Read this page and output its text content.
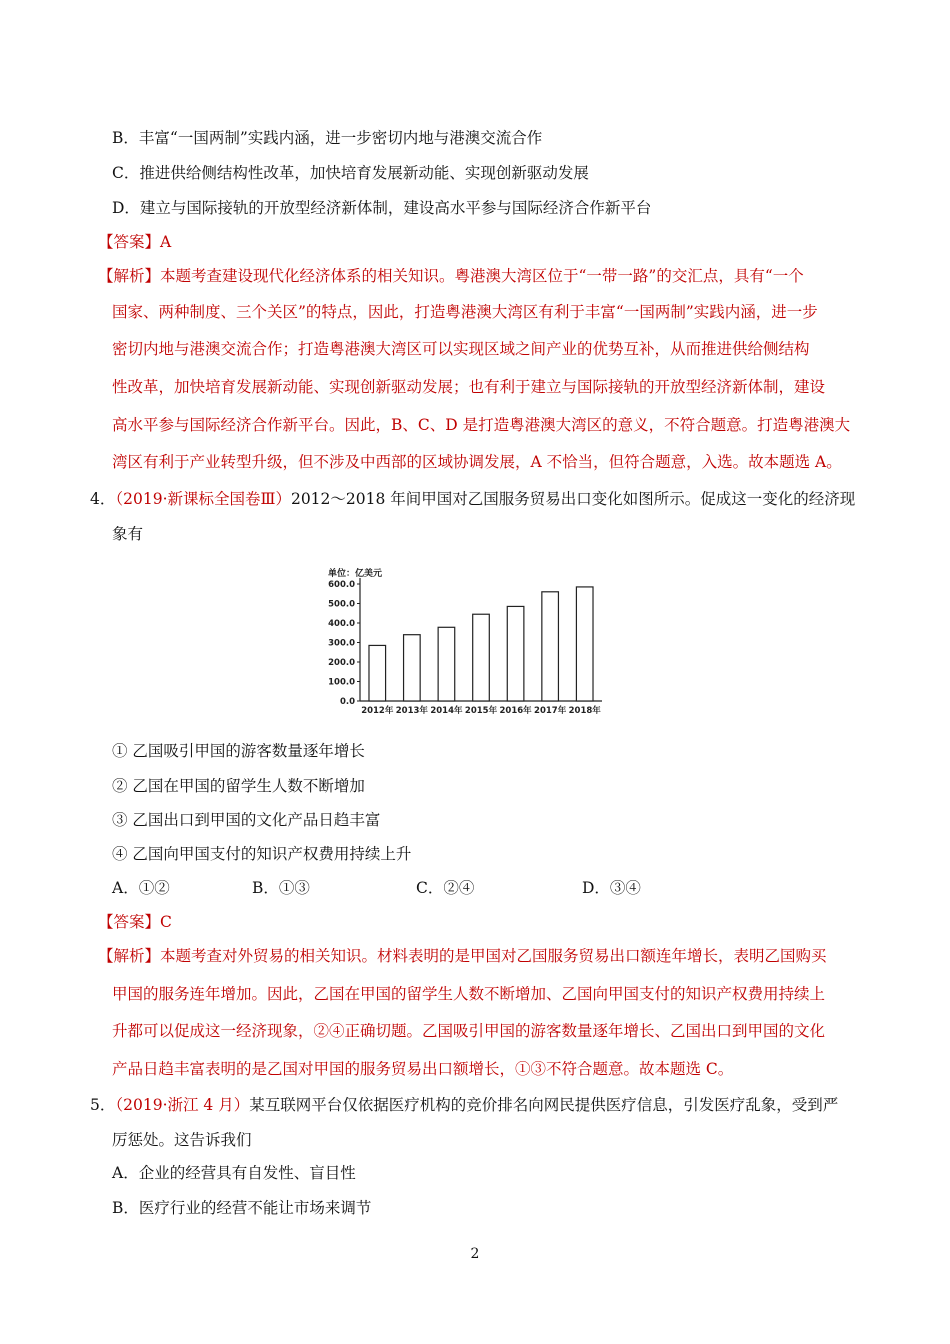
B．丰富“一国两制”实践内涵，进一步密切内地与港澳交流合作
C．推进供给侧结构性改革，加快培育发展新动能、实现创新驱动发展
D．建立与国际接轨的开放型经济新体制，建设高水平参与国际经济合作新平台
【答案】A
【解析】本题考查建设现代化经济体系的相关知识。粤港澳大湾区位于“一带一路”的交汇点，具有“一个
国家、两种制度、三个关区”的特点，因此，打造粤港澳大湾区有利于丰富“一国两制”实践内涵，进一步
密切内地与港澳交流合作；打造粤港澳大湾区可以实现区域之间产业的优势互补，从而推进供给侧结构
性改革，加快培育发展新动能、实现创新驱动发展；也有利于建立与国际接轨的开放型经济新体制，建设
高水平参与国际经济合作新平台。因此，B、C、D 是打造粤港澳大湾区的意义，不符合题意。打造粤港澳大
湾区有利于产业转型升级，但不涉及中西部的区域协调发展，A 不恰当，但符合题意，入选。故本题选 A。
4．（2019·新课标全国卷Ⅲ）2012～2018 年间甲国对乙国服务贸易出口变化如图所示。促成这一变化的经济现
象有
单位：亿美元
0.0
100.0
200.0
300.0
400.0
500.0
600.0
2012年 2013年 2014年 2015年 2016年 2017年 2018年
① 乙国吸引甲国的游客数量逐年增长
② 乙国在甲国的留学生人数不断增加
③ 乙国出口到甲国的文化产品日趋丰富
④ 乙国向甲国支付的知识产权费用持续上升
A．①②	B．①③	C．②④	D．③④
【答案】C
【解析】本题考查对外贸易的相关知识。材料表明的是甲国对乙国服务贸易出口额连年增长，表明乙国购买
甲国的服务连年增加。因此，乙国在甲国的留学生人数不断增加、乙国向甲国支付的知识产权费用持续上
升都可以促成这一经济现象，②④正确切题。乙国吸引甲国的游客数量逐年增长、乙国出口到甲国的文化
产品日趋丰富表明的是乙国对甲国的服务贸易出口额增长，①③不符合题意。故本题选 C。
5．（2019·浙江 4 月）某互联网平台仅依据医疗机构的竞价排名向网民提供医疗信息，引发医疗乱象，受到严
厉惩处。这告诉我们
A．企业的经营具有自发性、盲目性
B．医疗行业的经营不能让市场来调节
2
